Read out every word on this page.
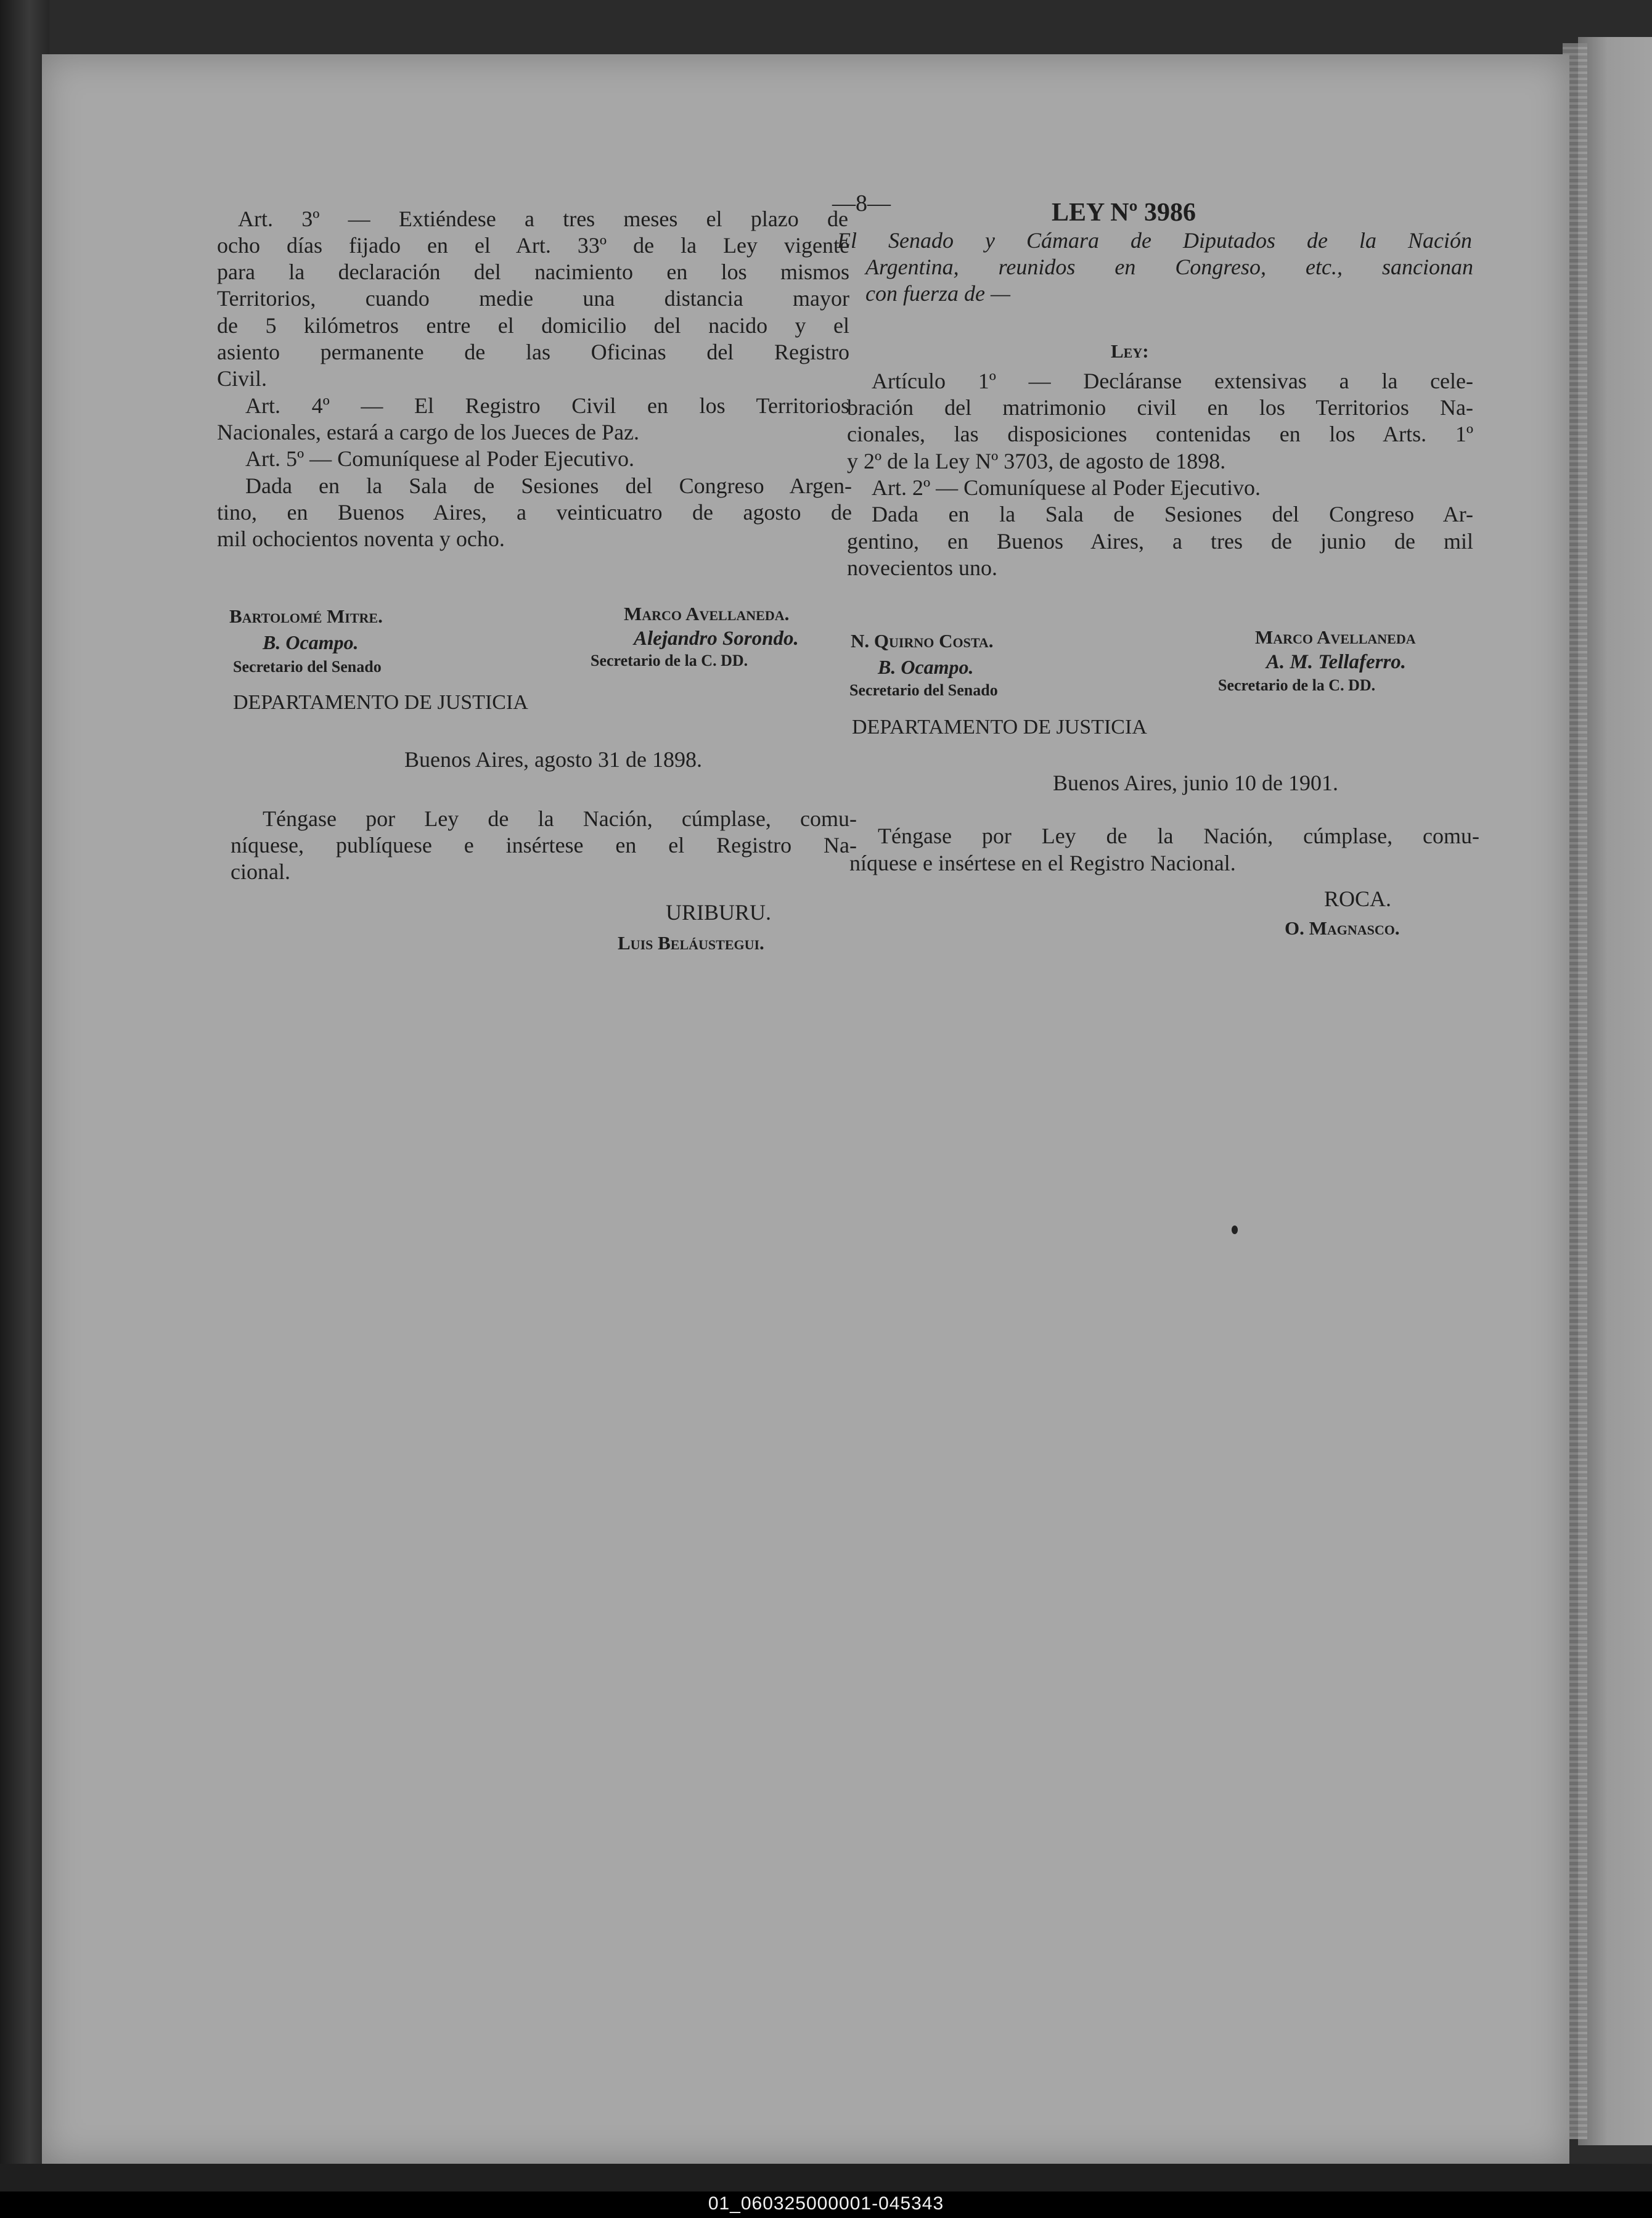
—8—
Art. 3º — Extiéndese a tres meses el plazo de
ocho días fijado en el Art. 33º de la Ley vigente
para la declaración del nacimiento en los mismos
Territorios, cuando medie una distancia mayor
de 5 kilómetros entre el domicilio del nacido y el
asiento permanente de las Oficinas del Registro
Civil.
Art. 4º — El Registro Civil en los Territorios
Nacionales, estará a cargo de los Jueces de Paz.
Art. 5º — Comuníquese al Poder Ejecutivo.
Dada en la Sala de Sesiones del Congreso Argen-
tino, en Buenos Aires, a veinticuatro de agosto de
mil ochocientos noventa y ocho.
Bartolomé Mitre.
B. Ocampo.
Secretario del Senado
Marco Avellaneda.
Alejandro Sorondo.
Secretario de la C. DD.
DEPARTAMENTO DE JUSTICIA
Buenos Aires, agosto 31 de 1898.
Téngase por Ley de la Nación, cúmplase, comu-
níquese, publíquese e insértese en el Registro Na-
cional.
URIBURU.
Luis Beláustegui.
LEY Nº 3986
El Senado y Cámara de Diputados de la Nación
Argentina, reunidos en Congreso, etc., sancionan
con fuerza de —
Ley:
Artículo 1º — Decláranse extensivas a la cele-
bración del matrimonio civil en los Territorios Na-
cionales, las disposiciones contenidas en los Arts. 1º
y 2º de la Ley Nº 3703, de agosto de 1898.
Art. 2º — Comuníquese al Poder Ejecutivo.
Dada en la Sala de Sesiones del Congreso Ar-
gentino, en Buenos Aires, a tres de junio de mil
novecientos uno.
N. Quirno Costa.
B. Ocampo.
Secretario del Senado
Marco Avellaneda
A. M. Tellaferro.
Secretario de la C. DD.
DEPARTAMENTO DE JUSTICIA
Buenos Aires, junio 10 de 1901.
Téngase por Ley de la Nación, cúmplase, comu-
níquese e insértese en el Registro Nacional.
ROCA.
O. Magnasco.
01_060325000001-045343
